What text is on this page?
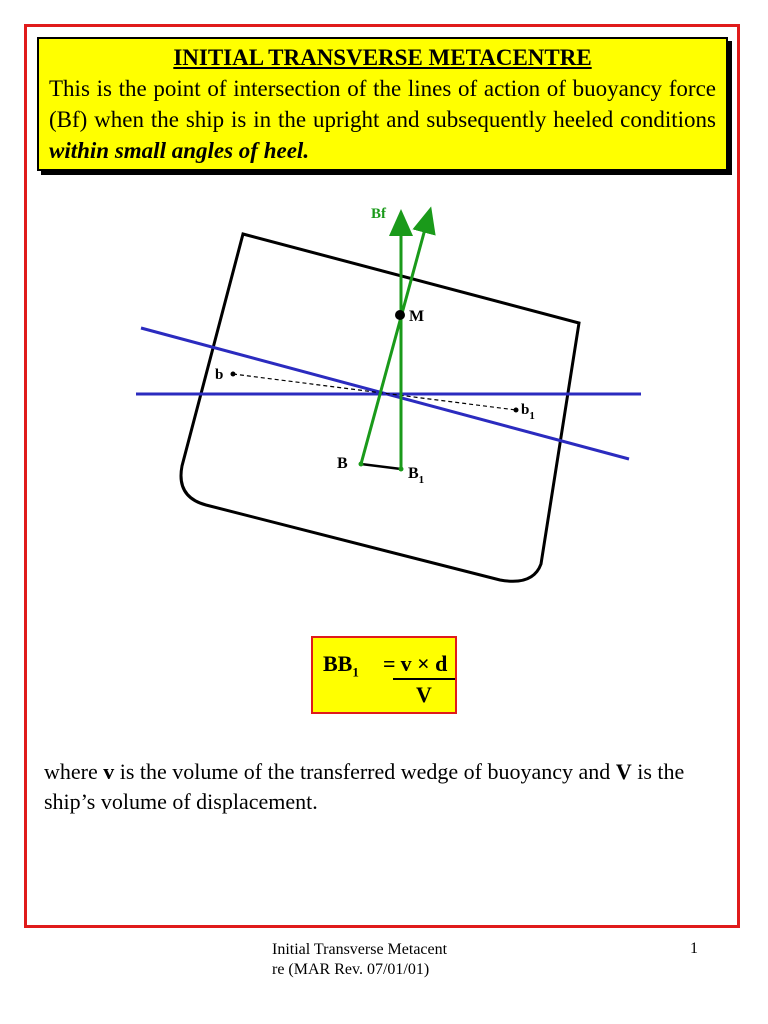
INITIAL TRANSVERSE METACENTRE

This is the point of intersection of the lines of action of buoyancy force (Bf) when the ship is in the upright and subsequently heeled conditions within small angles of heel.

Bf
M
b
$b_1$
B
$B_1$
$BB_1 = v \times d$
V

where v is the volume of the transferred wedge of buoyancy and V is the ship’s volume of displacement.

Initial Transverse Metacent
re (MAR Rev. 07/01/01)
1
